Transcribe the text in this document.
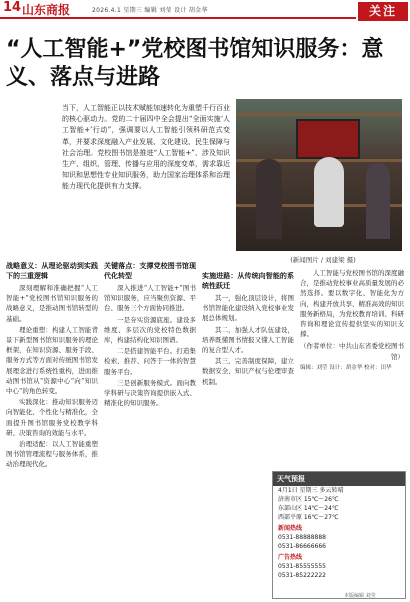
14 山东商报	2026.4.1 星期三 编辑 刘莹 设计 胡金华	关注
“人工智能+”党校图书馆知识服务：意义、落点与进路
当下，人工智能正以技术赋能加速转化为重塑千行百业的核心驱动力。党的二十届四中全会提出“全面实施‘人工智能+’行动”，强调要以人工智能引领科研范式变革，并要求深度融入产业发展、文化建设、民生保障与社会治理。党校图书馆是推进“人工智能+”、涉及知识生产、组织、管理、传播与应用的深度变革，需求靠近知识和思想性专业知识服务，助力国家治理体系和治理能力现代化提供有力支撑。
(新闻图片 / 刘建梁 摄)
战略意义：从理论驱动到实践下的三重逻辑

深刻理解和准确把握“人工智能+”党校图书馆知识服务的战略意义，是推动图书馆转型的基础。

理论重塑：构建人工智能背景下新型图书馆知识服务的理论框架，在知识资源、服务手段、服务方式等方面对传统图书馆发展理念进行系统性重构，进而推动图书馆从“资源中心”向“知识中心”的角色转变。

实践深化：推动知识服务迈向智能化、个性化与精准化，全面提升图书馆服务党校教学科研、决策咨询的效能与水平。

治理适配：以人工智能重塑图书馆管理流程与服务体系，推动治理现代化。

关键落点：支撑党校图书馆现代化转型

深入推进“人工智能+”图书馆知识服务，应当聚焦资源、平台、服务三个方面协同推进。

一是夯实资源底座。建设多维度、多层次的党校特色数据库，构建结构化知识图谱。

二是搭建智能平台。打造集检索、推荐、问答于一体的智慧服务平台。

三是创新服务模式。面向教学科研与决策咨询提供嵌入式、精准化的知识服务。

实施进路：从传统向智能的系统性跃迁

其一，强化顶层设计，将图书馆智能化建设纳入党校事业发展总体规划。

其二，加强人才队伍建设，培养既懂图书情报又懂人工智能的复合型人才。

其三，完善制度保障，建立数据安全、知识产权与伦理审查机制。

人工智能与党校图书馆的深度融合，是推动党校事业高质量发展的必然选择。要以数字化、智能化为方向，构建开放共享、精准高效的知识服务新格局，为党校教育培训、科研咨询和理论宣传提供坚实的知识支撑。

（作者单位：中共山东省委党校图书馆）
编辑：刘莹 设计：胡金华 校对：田华
天气预报
4月1日 星期三 多云转晴
济南市区 15℃～26℃
东部山区 14℃～24℃
西部平原 16℃～27℃
新闻热线
0531-88888888
0531-86666666
广告热线
0531-85555555
0531-85222222
本版编辑 刘莹
